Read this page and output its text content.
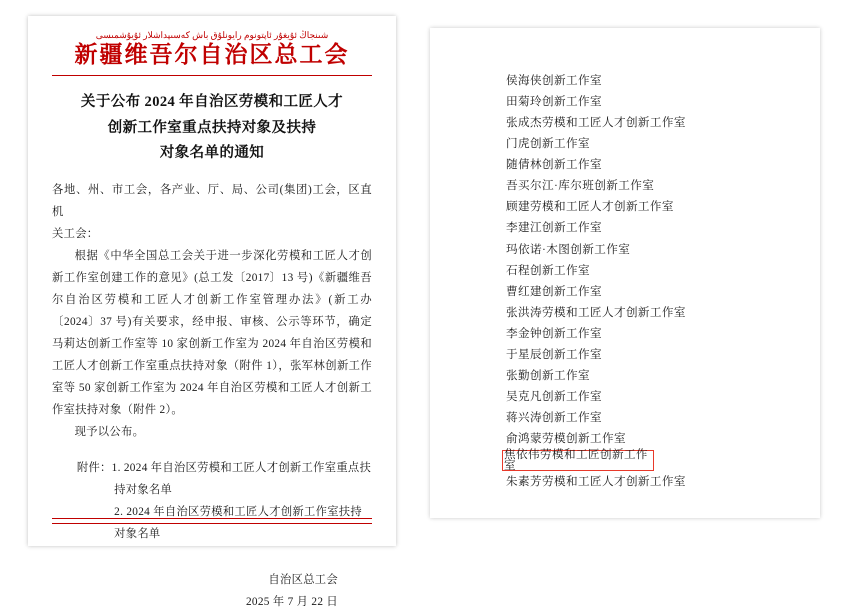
شىنجاڭ ئۇيغۇر ئاپتونوم رايونلۇق باش كەسىپداشلار ئۇيۇشمىسى
新疆维吾尔自治区总工会
关于公布 2024 年自治区劳模和工匠人才
创新工作室重点扶持对象及扶持
对象名单的通知

各地、州、市工会，各产业、厅、局、公司(集团)工会，区直机

关工会：

根据《中华全国总工会关于进一步深化劳模和工匠人才创新工作室创建工作的意见》(总工发〔2017〕13 号)《新疆维吾尔自治区劳模和工匠人才创新工作室管理办法》(新工办〔2024〕37 号)有关要求，经申报、审核、公示等环节，确定马莉达创新工作室等 10 家创新工作室为 2024 年自治区劳模和工匠人才创新工作室重点扶持对象（附件 1），张军林创新工作室等 50 家创新工作室为 2024 年自治区劳模和工匠人才创新工作室扶持对象（附件 2）。

现予以公布。

附件：1. 2024 年自治区劳模和工匠人才创新工作室重点扶
持对象名单
2. 2024 年自治区劳模和工匠人才创新工作室扶持对象名单
自治区总工会
2025 年 7 月 22 日
侯海侠创新工作室
田菊玲创新工作室
张成杰劳模和工匠人才创新工作室
门虎创新工作室
随倩林创新工作室
吾买尔江·库尔班创新工作室
顾建劳模和工匠人才创新工作室
李建江创新工作室
玛依诺·木图创新工作室
石程创新工作室
曹红建创新工作室
张洪涛劳模和工匠人才创新工作室
李金钟创新工作室
于星辰创新工作室
张勤创新工作室
吴克凡创新工作室
蒋兴涛创新工作室
俞鸿蒙劳模创新工作室
焦依伟劳模和工匠创新工作室
朱素芳劳模和工匠人才创新工作室
